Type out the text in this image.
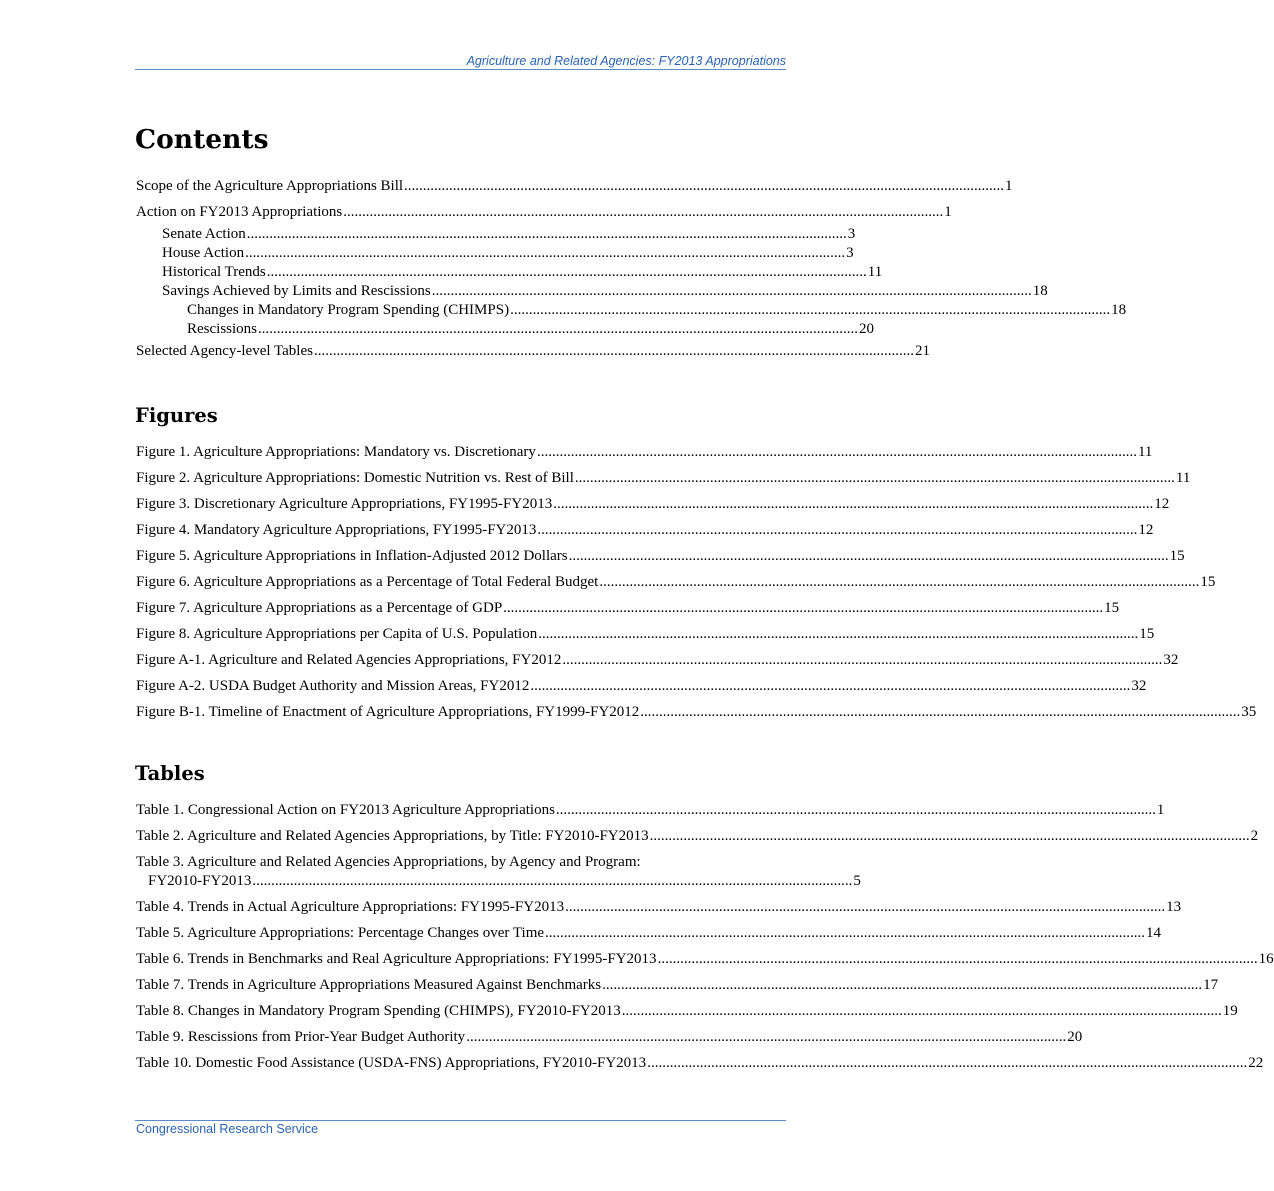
Agriculture and Related Agencies: FY2013 Appropriations
Contents
Scope of the Agriculture Appropriations Bill ................................................................................................................................................................ 1
Action on FY2013 Appropriations ................................................................................................................................................................ 1
Senate Action ................................................................................................................................................................ 3
House Action ................................................................................................................................................................ 3
Historical Trends ................................................................................................................................................................ 11
Savings Achieved by Limits and Rescissions ................................................................................................................................................................ 18
Changes in Mandatory Program Spending (CHIMPS) ................................................................................................................................................................ 18
Rescissions ................................................................................................................................................................ 20
Selected Agency-level Tables ................................................................................................................................................................ 21
Figures
Figure 1. Agriculture Appropriations: Mandatory vs. Discretionary ................................................................................................................................................................ 11
Figure 2. Agriculture Appropriations: Domestic Nutrition vs. Rest of Bill ................................................................................................................................................................ 11
Figure 3. Discretionary Agriculture Appropriations, FY1995-FY2013 ................................................................................................................................................................ 12
Figure 4. Mandatory Agriculture Appropriations, FY1995-FY2013 ................................................................................................................................................................ 12
Figure 5. Agriculture Appropriations in Inflation-Adjusted 2012 Dollars ................................................................................................................................................................ 15
Figure 6. Agriculture Appropriations as a Percentage of Total Federal Budget ................................................................................................................................................................ 15
Figure 7. Agriculture Appropriations as a Percentage of GDP ................................................................................................................................................................ 15
Figure 8. Agriculture Appropriations per Capita of U.S. Population ................................................................................................................................................................ 15
Figure A-1. Agriculture and Related Agencies Appropriations, FY2012 ................................................................................................................................................................ 32
Figure A-2. USDA Budget Authority and Mission Areas, FY2012 ................................................................................................................................................................ 32
Figure B-1. Timeline of Enactment of Agriculture Appropriations, FY1999-FY2012 ................................................................................................................................................................ 35
Tables
Table 1. Congressional Action on FY2013 Agriculture Appropriations ................................................................................................................................................................ 1
Table 2. Agriculture and Related Agencies Appropriations, by Title: FY2010-FY2013 ................................................................................................................................................................ 2
Table 3. Agriculture and Related Agencies Appropriations, by Agency and Program:
FY2010-FY2013 ................................................................................................................................................................ 5
Table 4. Trends in Actual Agriculture Appropriations: FY1995-FY2013 ................................................................................................................................................................ 13
Table 5. Agriculture Appropriations: Percentage Changes over Time ................................................................................................................................................................ 14
Table 6. Trends in Benchmarks and Real Agriculture Appropriations: FY1995-FY2013 ................................................................................................................................................................ 16
Table 7. Trends in Agriculture Appropriations Measured Against Benchmarks ................................................................................................................................................................ 17
Table 8. Changes in Mandatory Program Spending (CHIMPS), FY2010-FY2013 ................................................................................................................................................................ 19
Table 9. Rescissions from Prior-Year Budget Authority ................................................................................................................................................................ 20
Table 10. Domestic Food Assistance (USDA-FNS) Appropriations, FY2010-FY2013 ................................................................................................................................................................ 22
Congressional Research Service
